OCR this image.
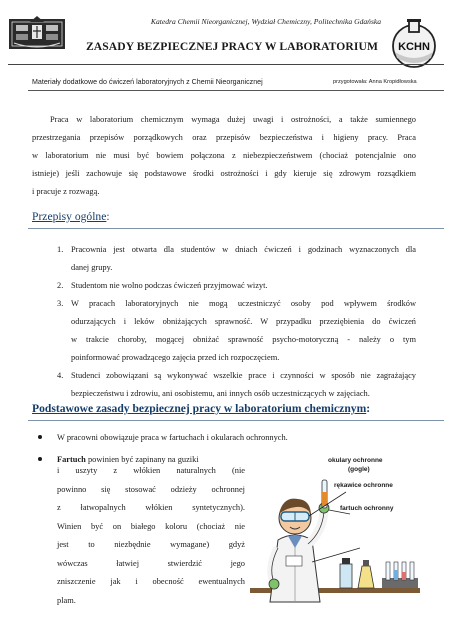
Katedra Chemii Nieorganicznej, Wydział Chemiczny, Politechnika Gdańska
ZASADY BEZPIECZNEJ PRACY W LABORATORIUM	KCHN
Materiały dodatkowe do ćwiczeń laboratoryjnych z Chemii Nieorganicznej	przygotowała: Anna Kropidłowska

Praca w laboratorium chemicznym wymaga dużej uwagi i ostrożności, a także sumiennego

przestrzegania przepisów porządkowych oraz przepisów bezpieczeństwa i higieny pracy. Praca

w laboratorium nie musi być bowiem połączona z niebezpieczeństwem (chociaż potencjalnie ono

istnieje) jeśli zachowuje się podstawowe środki ostrożności i gdy kieruje się zdrowym rozsądkiem

i pracuje z rozwagą.

Przepisy ogólne:
1. Pracownia jest otwarta dla studentów w dniach ćwiczeń i godzinach wyznaczonych dla

danej grupy.

2. Studentom nie wolno podczas ćwiczeń przyjmować wizyt.

3. W pracach laboratoryjnych nie mogą uczestniczyć osoby pod wpływem środków

odurzających i leków obniżających sprawność. W przypadku przeziębienia do ćwiczeń

w trakcie choroby, mogącej obniżać sprawność psycho-motoryczną - należy o tym

poinformować prowadzącego zajęcia przed ich rozpoczęciem.

4. Studenci zobowiązani są wykonywać wszelkie prace i czynności w sposób nie zagrażający

bezpieczeństwu i zdrowiu, ani osobistemu, ani innych osób uczestniczących w zajęciach.

Podstawowe zasady bezpiecznej pracy w laboratorium chemicznym:
W pracowni obowiązuje praca w fartuchach i okularach ochronnych.
Fartuch powinien być zapinany na guziki

i uszyty z włókien naturalnych (nie

powinno się stosować odzieży ochronnej

z łatwopalnych włókien syntetycznych).

Winien być on białego koloru (chociaż nie

jest to niezbędnie wymagane) gdyż

wówczas łatwiej stwierdzić jego

zniszczenie jak i obecność ewentualnych

plam.

okulary ochronne
(gogle)
rękawice ochronne
fartuch ochronny
